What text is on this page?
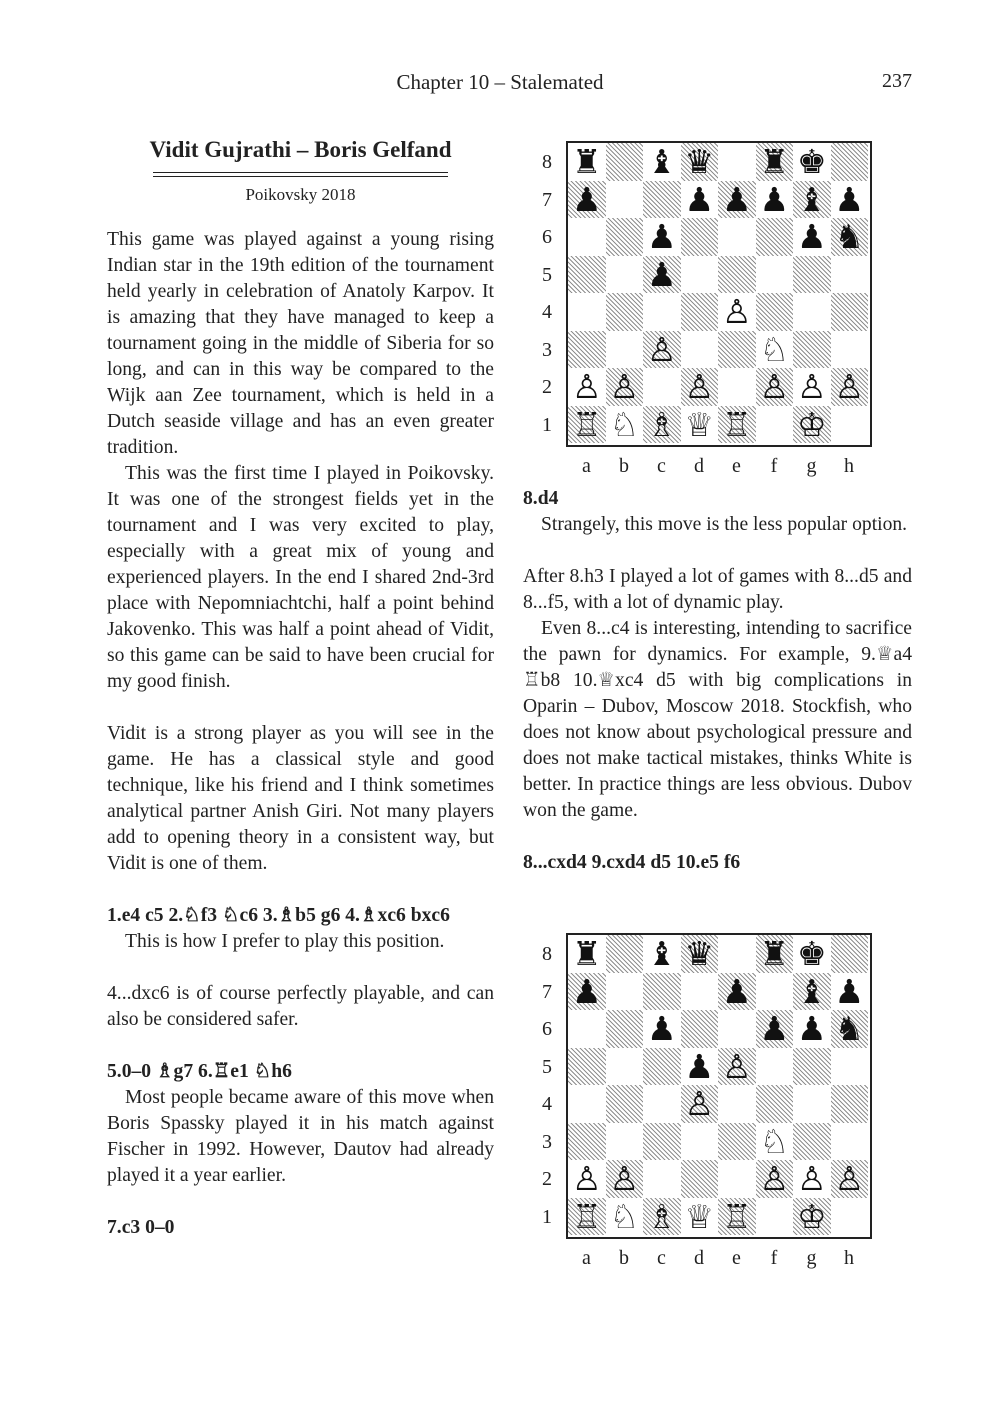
Chapter 10 – Stalemated	237

Vidit Gujrathi – Boris Gelfand

Poikovsky 2018

This game was played against a young rising Indian star in the 19th edition of the tournament held yearly in celebration of Anatoly Karpov. It is amazing that they have managed to keep a tournament going in the middle of Siberia for so long, and can in this way be compared to the Wijk aan Zee tournament, which is held in a Dutch seaside village and has an even greater tradition.

This was the first time I played in Poikovsky. It was one of the strongest fields yet in the tournament and I was very excited to play, especially with a great mix of young and experienced players. In the end I shared 2nd-3rd place with Nepomniachtchi, half a point behind Jakovenko. This was half a point ahead of Vidit, so this game can be said to have been crucial for my good finish.

Vidit is a strong player as you will see in the game. He has a classical style and good technique, like his friend and I think sometimes analytical partner Anish Giri. Not many players add to opening theory in a consistent way, but Vidit is one of them.

1.e4 c5 2.♘f3 ♘c6 3.♗b5 g6 4.♗xc6 bxc6

This is how I prefer to play this position.

4...dxc6 is of course perfectly playable, and can also be considered safer.

5.0–0 ♗g7 6.♖e1 ♘h6

Most people became aware of this move when Boris Spassky played it in his match against Fischer in 1992. However, Dautov had already played it a year earlier.

7.c3 0–0

8
7
6
5
4
3
2
1
a	b	c	d	e	f	g	h
♜ ♝ ♛ ♜ ♚
♟	♟ ♟ ♟ ♝ ♟
♟	♟ ♞
♟
♙
♙	♘
♙ ♙ ♙ ♙ ♙ ♙
♖ ♘ ♗ ♕ ♖ ♔

8.d4

Strangely, this move is the less popular option.

After 8.h3 I played a lot of games with 8...d5 and 8...f5, with a lot of dynamic play.

Even 8...c4 is interesting, intending to sacrifice the pawn for dynamics. For example, 9.♕a4 ♖b8 10.♕xc4 d5 with big complications in Oparin – Dubov, Moscow 2018. Stockfish, who does not know about psychological pressure and does not make tactical mistakes, thinks White is better. In practice things are less obvious. Dubov won the game.

8...cxd4 9.cxd4 d5 10.e5 f6

8
7
6
5
4
3
2
1
a	b	c	d	e	f	g	h
♜ ♝ ♛ ♜ ♚
♟	♟ ♝ ♟
♟	♟ ♟ ♞
♟ ♙
♙
♘
♙ ♙	♙ ♙ ♙
♖ ♘ ♗ ♕ ♖ ♔
